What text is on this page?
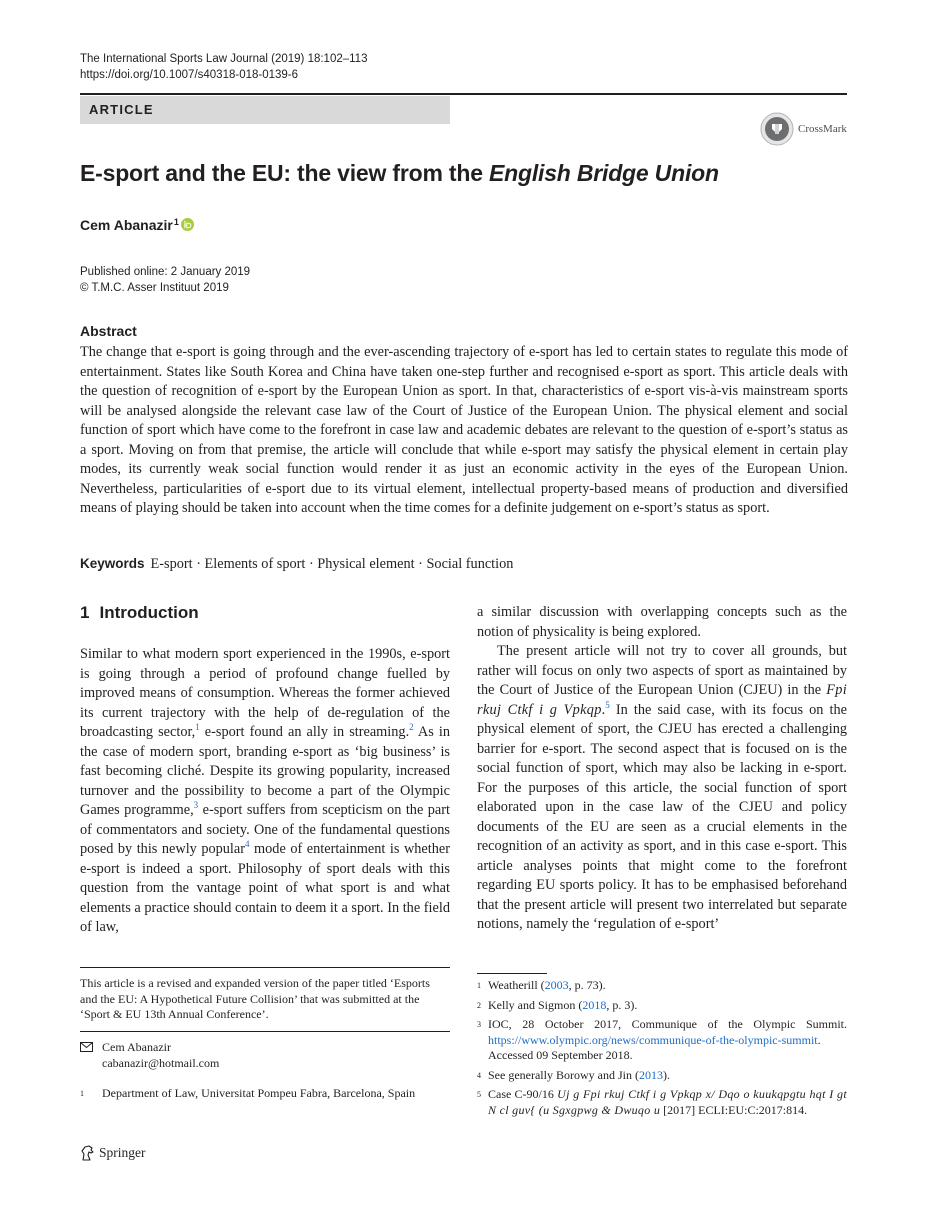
The International Sports Law Journal (2019) 18:102–113
https://doi.org/10.1007/s40318-018-0139-6
ARTICLE
CrossMark
E-sport and the EU: the view from the English Bridge Union
Cem Abanazir$^1$
Published online: 2 January 2019
© T.M.C. Asser Instituut 2019
Abstract

The change that e-sport is going through and the ever-ascending trajectory of e-sport has led to certain states to regulate this mode of entertainment. States like South Korea and China have taken one-step further and recognised e-sport as sport. This article deals with the question of recognition of e-sport by the European Union as sport. In that, characteristics of e-sport vis-à-vis mainstream sports will be analysed alongside the relevant case law of the Court of Justice of the European Union. The physical element and social function of sport which have come to the forefront in case law and academic debates are relevant to the question of e-sport’s status as a sport. Moving on from that premise, the article will conclude that while e-sport may satisfy the physical element in certain play modes, its currently weak social function would render it as just an economic activity in the eyes of the European Union. Nevertheless, particularities of e-sport due to its virtual element, intellectual property-based means of production and diversified means of playing should be taken into account when the time comes for a definite judgement on e-sport’s status as sport.

Keywords E-sport · Elements of sport · Physical element · Social function
1 Introduction

Similar to what modern sport experienced in the 1990s, e-sport is going through a period of profound change fuelled by improved means of consumption. Whereas the former achieved its current trajectory with the help of de-regulation of the broadcasting sector,$^1$ e-sport found an ally in streaming.$^2$ As in the case of modern sport, branding e-sport as ‘big business’ is fast becoming cliché. Despite its growing popularity, increased turnover and the possibility to become a part of the Olympic Games programme,$^3$ e-sport suffers from scepticism on the part of commentators and society. One of the fundamental questions posed by this newly popular$^4$ mode of entertainment is whether e-sport is indeed a sport. Philosophy of sport deals with this question from the vantage point of what sport is and what elements a practice should contain to deem it a sport. In the field of law,

a similar discussion with overlapping concepts such as the notion of physicality is being explored.

The present article will not try to cover all grounds, but rather will focus on only two aspects of sport as maintained by the Court of Justice of the European Union (CJEU) in the Fpi rkuj Ctkf i g Vpkqp.$^5$ In the said case, with its focus on the physical element of sport, the CJEU has erected a challenging barrier for e-sport. The second aspect that is focused on is the social function of sport, which may also be lacking in e-sport. For the purposes of this article, the social function of sport elaborated upon in the case law of the CJEU and policy documents of the EU are seen as a crucial elements in the recognition of an activity as sport, and in this case e-sport. This article analyses points that might come to the forefront regarding EU sports policy. It has to be emphasised beforehand that the present article will present two interrelated but separate notions, namely the ‘regulation of e-sport’

This article is a revised and expanded version of the paper titled ‘Esports and the EU: A Hypothetical Future Collision’ that was submitted at the ‘Sport & EU 13th Annual Conference’.

Cem Abanazir
cabanazir@hotmail.com
1	Department of Law, Universitat Pompeu Fabra, Barcelona, Spain
1 Weatherill (2003, p. 73).
2 Kelly and Sigmon (2018, p. 3).
3 IOC, 28 October 2017, Communique of the Olympic Summit. https://www.olympic.org/news/communique-of-the-olympic-summit. Accessed 09 September 2018.
4 See generally Borowy and Jin (2013).
5 Case C-90/16 Uj g Fpi rkuj Ctkf i g Vpkqp x/ Dqo o kuukqpgtu hqt I gt N cl guv{ (u Sgxgpwg & Dwuqo u [2017] ECLI:EU:C:2017:814.
Springer
